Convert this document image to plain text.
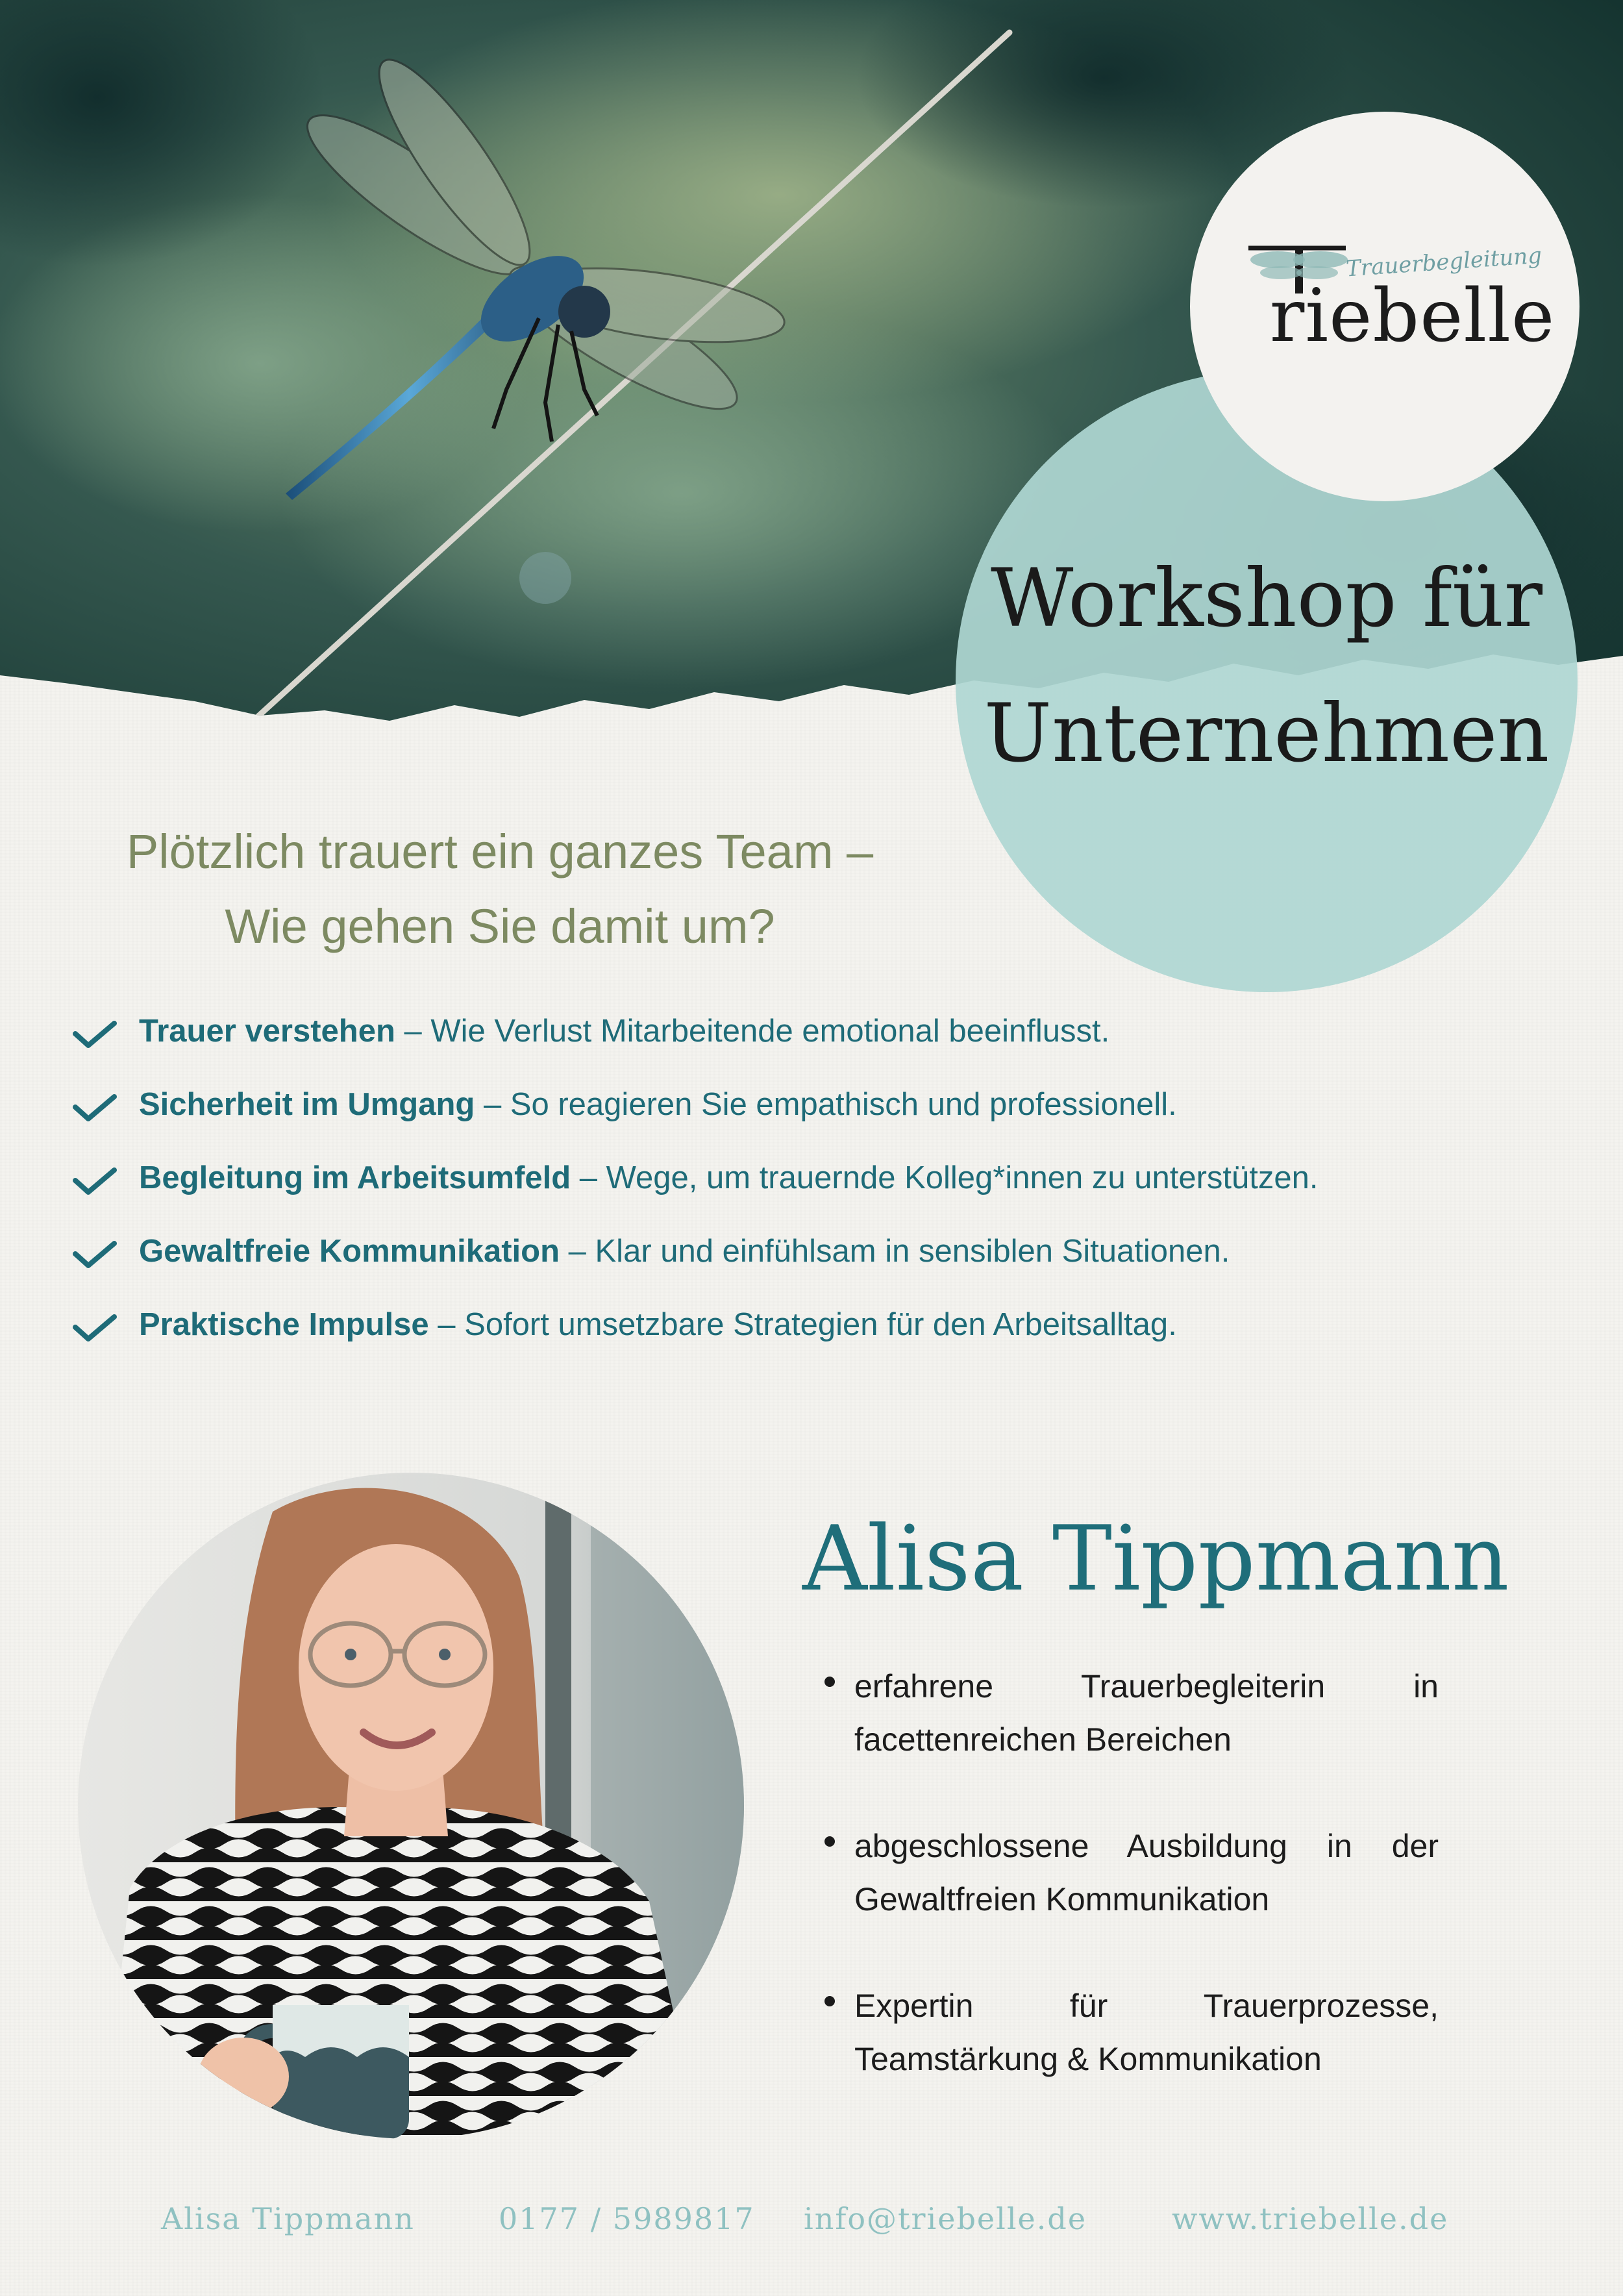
Workshop für
Unternehmen
Trauerbegleitung
     riebelle
Plötzlich trauert ein ganzes Team –
Wie gehen Sie damit um?
Trauer verstehen – Wie Verlust Mitarbeitende emotional beeinflusst.
Sicherheit im Umgang – So reagieren Sie empathisch und professionell.
Begleitung im Arbeitsumfeld – Wege, um trauernde Kolleg*innen zu unterstützen.
Gewaltfreie Kommunikation – Klar und einfühlsam in sensiblen Situationen.
Praktische Impulse – Sofort umsetzbare Strategien für den Arbeitsalltag.
Alisa Tippmann
erfahrene Trauerbegleiterin in facettenreichen Bereichen
abgeschlossene Ausbildung in der Gewaltfreien Kommunikation
Expertin für Trauerprozesse, Teamstärkung & Kommunikation
Alisa Tippmann	0177 / 5989817 info@triebelle.de	www.triebelle.de
